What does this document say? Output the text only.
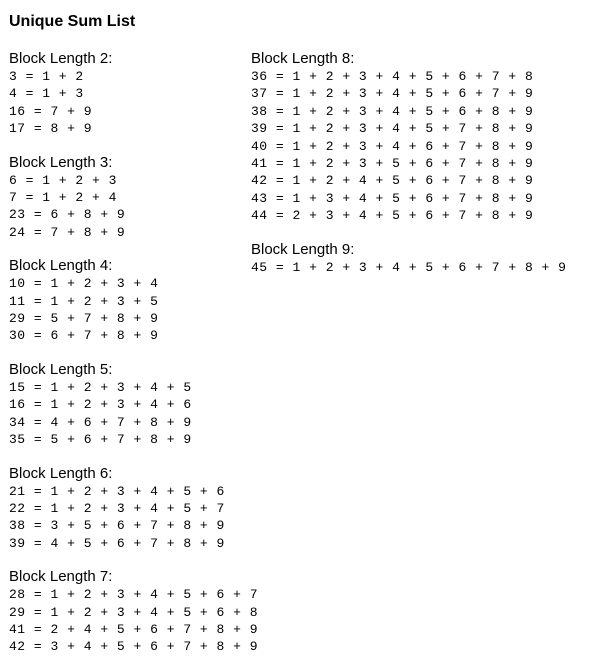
Unique Sum List
Block Length 2:
3 = 1 + 2
4 = 1 + 3
16 = 7 + 9
17 = 8 + 9
Block Length 3:
6 = 1 + 2 + 3
7 = 1 + 2 + 4
23 = 6 + 8 + 9
24 = 7 + 8 + 9
Block Length 4:
10 = 1 + 2 + 3 + 4
11 = 1 + 2 + 3 + 5
29 = 5 + 7 + 8 + 9
30 = 6 + 7 + 8 + 9
Block Length 5:
15 = 1 + 2 + 3 + 4 + 5
16 = 1 + 2 + 3 + 4 + 6
34 = 4 + 6 + 7 + 8 + 9
35 = 5 + 6 + 7 + 8 + 9
Block Length 6:
21 = 1 + 2 + 3 + 4 + 5 + 6
22 = 1 + 2 + 3 + 4 + 5 + 7
38 = 3 + 5 + 6 + 7 + 8 + 9
39 = 4 + 5 + 6 + 7 + 8 + 9
Block Length 7:
28 = 1 + 2 + 3 + 4 + 5 + 6 + 7
29 = 1 + 2 + 3 + 4 + 5 + 6 + 8
41 = 2 + 4 + 5 + 6 + 7 + 8 + 9
42 = 3 + 4 + 5 + 6 + 7 + 8 + 9
Block Length 8:
36 = 1 + 2 + 3 + 4 + 5 + 6 + 7 + 8
37 = 1 + 2 + 3 + 4 + 5 + 6 + 7 + 9
38 = 1 + 2 + 3 + 4 + 5 + 6 + 8 + 9
39 = 1 + 2 + 3 + 4 + 5 + 7 + 8 + 9
40 = 1 + 2 + 3 + 4 + 6 + 7 + 8 + 9
41 = 1 + 2 + 3 + 5 + 6 + 7 + 8 + 9
42 = 1 + 2 + 4 + 5 + 6 + 7 + 8 + 9
43 = 1 + 3 + 4 + 5 + 6 + 7 + 8 + 9
44 = 2 + 3 + 4 + 5 + 6 + 7 + 8 + 9
Block Length 9:
45 = 1 + 2 + 3 + 4 + 5 + 6 + 7 + 8 + 9
